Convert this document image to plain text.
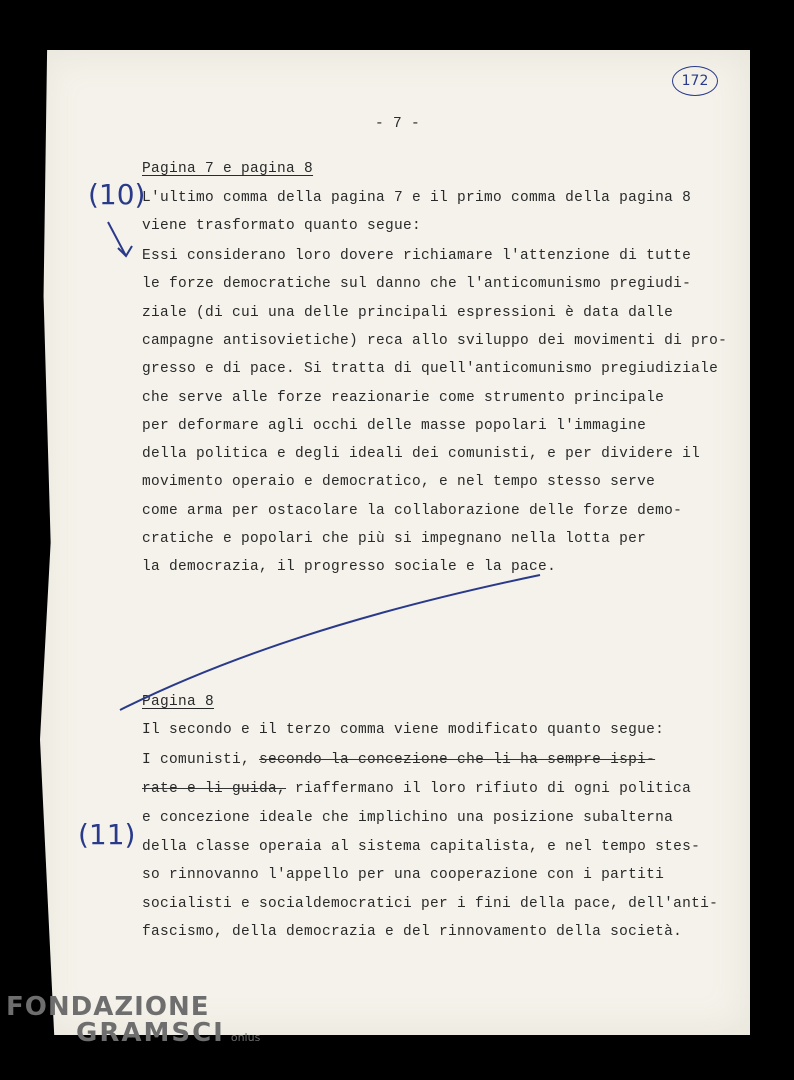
- 7 -
172
Pagina 7 e pagina 8
L'ultimo comma della pagina 7 e il primo comma della pagina 8
viene trasformato quanto segue:
Essi considerano loro dovere richiamare l'attenzione di tutte
le forze democratiche sul danno che l'anticomunismo pregiudi-
ziale (di cui una delle principali espressioni è data dalle
campagne antisovietiche) reca allo sviluppo dei movimenti di pro-
gresso e di pace. Si tratta di quell'anticomunismo pregiudiziale
che serve alle forze reazionarie come strumento principale
per deformare agli occhi delle masse popolari l'immagine
della politica e degli ideali dei comunisti, e per dividere il
movimento operaio e democratico, e nel tempo stesso serve
come arma per ostacolare la collaborazione delle forze demo-
cratiche e popolari che più si impegnano nella lotta per
la democrazia, il progresso sociale e la pace.
(10)
Pagina 8
Il secondo e il terzo comma viene modificato quanto segue:
I comunisti, secondo la concezione che li ha sempre ispi-
rate e li guida, riaffermano il loro rifiuto di ogni politica
e concezione ideale che implichino una posizione subalterna
della classe operaia al sistema capitalista, e nel tempo stes-
so rinnovanno l'appello per una cooperazione con i partiti
socialisti e socialdemocratici per i fini della pace, dell'anti-
fascismo, della democrazia e del rinnovamento della società.
(11)
FONDAZIONE
GRAMSCI onlus
